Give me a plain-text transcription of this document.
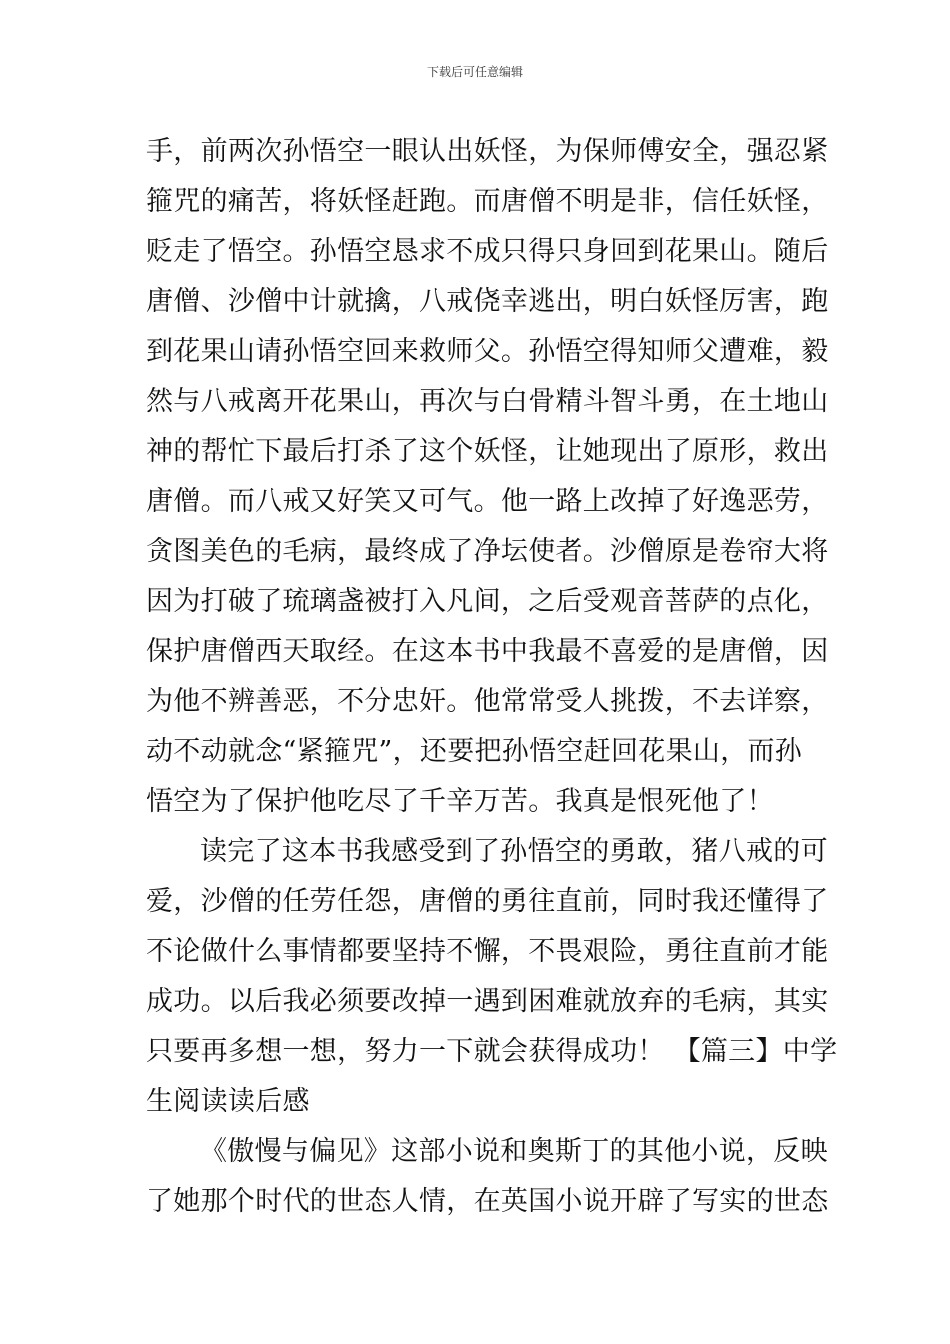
下载后可任意编辑
手，前两次孙悟空一眼认出妖怪，为保师傅安全，强忍紧
箍咒的痛苦，将妖怪赶跑。而唐僧不明是非，信任妖怪，
贬走了悟空。孙悟空恳求不成只得只身回到花果山。随后
唐僧、沙僧中计就擒，八戒侥幸逃出，明白妖怪厉害，跑
到花果山请孙悟空回来救师父。孙悟空得知师父遭难，毅
然与八戒离开花果山，再次与白骨精斗智斗勇，在土地山
神的帮忙下最后打杀了这个妖怪，让她现出了原形，救出
唐僧。而八戒又好笑又可气。他一路上改掉了好逸恶劳，
贪图美色的毛病，最终成了净坛使者。沙僧原是卷帘大将
因为打破了琉璃盏被打入凡间，之后受观音菩萨的点化，
保护唐僧西天取经。在这本书中我最不喜爱的是唐僧，因
为他不辨善恶，不分忠奸。他常常受人挑拨，不去详察，
动不动就念“紧箍咒”，还要把孙悟空赶回花果山，而孙
悟空为了保护他吃尽了千辛万苦。我真是恨死他了！
读完了这本书我感受到了孙悟空的勇敢，猪八戒的可
爱，沙僧的任劳任怨，唐僧的勇往直前，同时我还懂得了
不论做什么事情都要坚持不懈，不畏艰险，勇往直前才能
成功。以后我必须要改掉一遇到困难就放弃的毛病，其实
只要再多想一想，努力一下就会获得成功！ 【篇三】中学
生阅读读后感
《傲慢与偏见》这部小说和奥斯丁的其他小说，反映
了她那个时代的世态人情，在英国小说开辟了写实的世态
